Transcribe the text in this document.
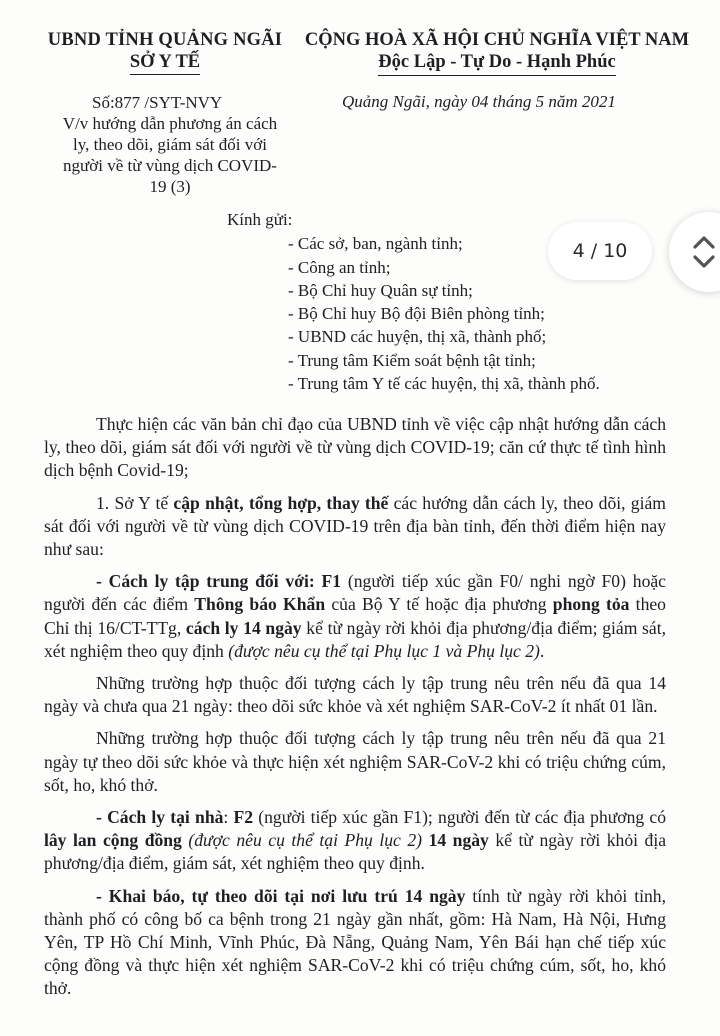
UBND TỈNH QUẢNG NGÃI
SỞ Y TẾ
CỘNG HOÀ XÃ HỘI CHỦ NGHĨA VIỆT NAM
Độc Lập - Tự Do - Hạnh Phúc
Số:877 /SYT-NVY
V/v hướng dẫn phương án cách
ly, theo dõi, giám sát đối với
người về từ vùng dịch COVID-
19 (3)
Quảng Ngãi, ngày 04 tháng 5 năm 2021
Kính gửi:
- Các sở, ban, ngành tỉnh;
- Công an tỉnh;
- Bộ Chỉ huy Quân sự tỉnh;
- Bộ Chỉ huy Bộ đội Biên phòng tỉnh;
- UBND các huyện, thị xã, thành phố;
- Trung tâm Kiểm soát bệnh tật tỉnh;
- Trung tâm Y tế các huyện, thị xã, thành phố.

Thực hiện các văn bản chỉ đạo của UBND tỉnh về việc cập nhật hướng dẫn cách ly, theo dõi, giám sát đối với người về từ vùng dịch COVID-19; căn cứ thực tế tình hình dịch bệnh Covid-19;

1. Sở Y tế cập nhật, tổng hợp, thay thế các hướng dẫn cách ly, theo dõi, giám sát đối với người về từ vùng dịch COVID-19 trên địa bàn tỉnh, đến thời điểm hiện nay như sau:

- Cách ly tập trung đối với: F1 (người tiếp xúc gần F0/ nghi ngờ F0) hoặc người đến các điểm Thông báo Khẩn của Bộ Y tế hoặc địa phương phong tỏa theo Chỉ thị 16/CT-TTg, cách ly 14 ngày kể từ ngày rời khỏi địa phương/địa điểm; giám sát, xét nghiệm theo quy định (được nêu cụ thể tại Phụ lục 1 và Phụ lục 2).

Những trường hợp thuộc đối tượng cách ly tập trung nêu trên nếu đã qua 14 ngày và chưa qua 21 ngày: theo dõi sức khỏe và xét nghiệm SAR-CoV-2 ít nhất 01 lần.

Những trường hợp thuộc đối tượng cách ly tập trung nêu trên nếu đã qua 21 ngày tự theo dõi sức khỏe và thực hiện xét nghiệm SAR-CoV-2 khi có triệu chứng cúm, sốt, ho, khó thở.

- Cách ly tại nhà: F2 (người tiếp xúc gần F1); người đến từ các địa phương có lây lan cộng đồng (được nêu cụ thể tại Phụ lục 2) 14 ngày kể từ ngày rời khỏi địa phương/địa điểm, giám sát, xét nghiệm theo quy định.

- Khai báo, tự theo dõi tại nơi lưu trú 14 ngày tính từ ngày rời khỏi tỉnh, thành phố có công bố ca bệnh trong 21 ngày gần nhất, gồm: Hà Nam, Hà Nội, Hưng Yên, TP Hồ Chí Minh, Vĩnh Phúc, Đà Nẵng, Quảng Nam, Yên Bái hạn chế tiếp xúc cộng đồng và thực hiện xét nghiệm SAR-CoV-2 khi có triệu chứng cúm, sốt, ho, khó thở.

4 / 10
